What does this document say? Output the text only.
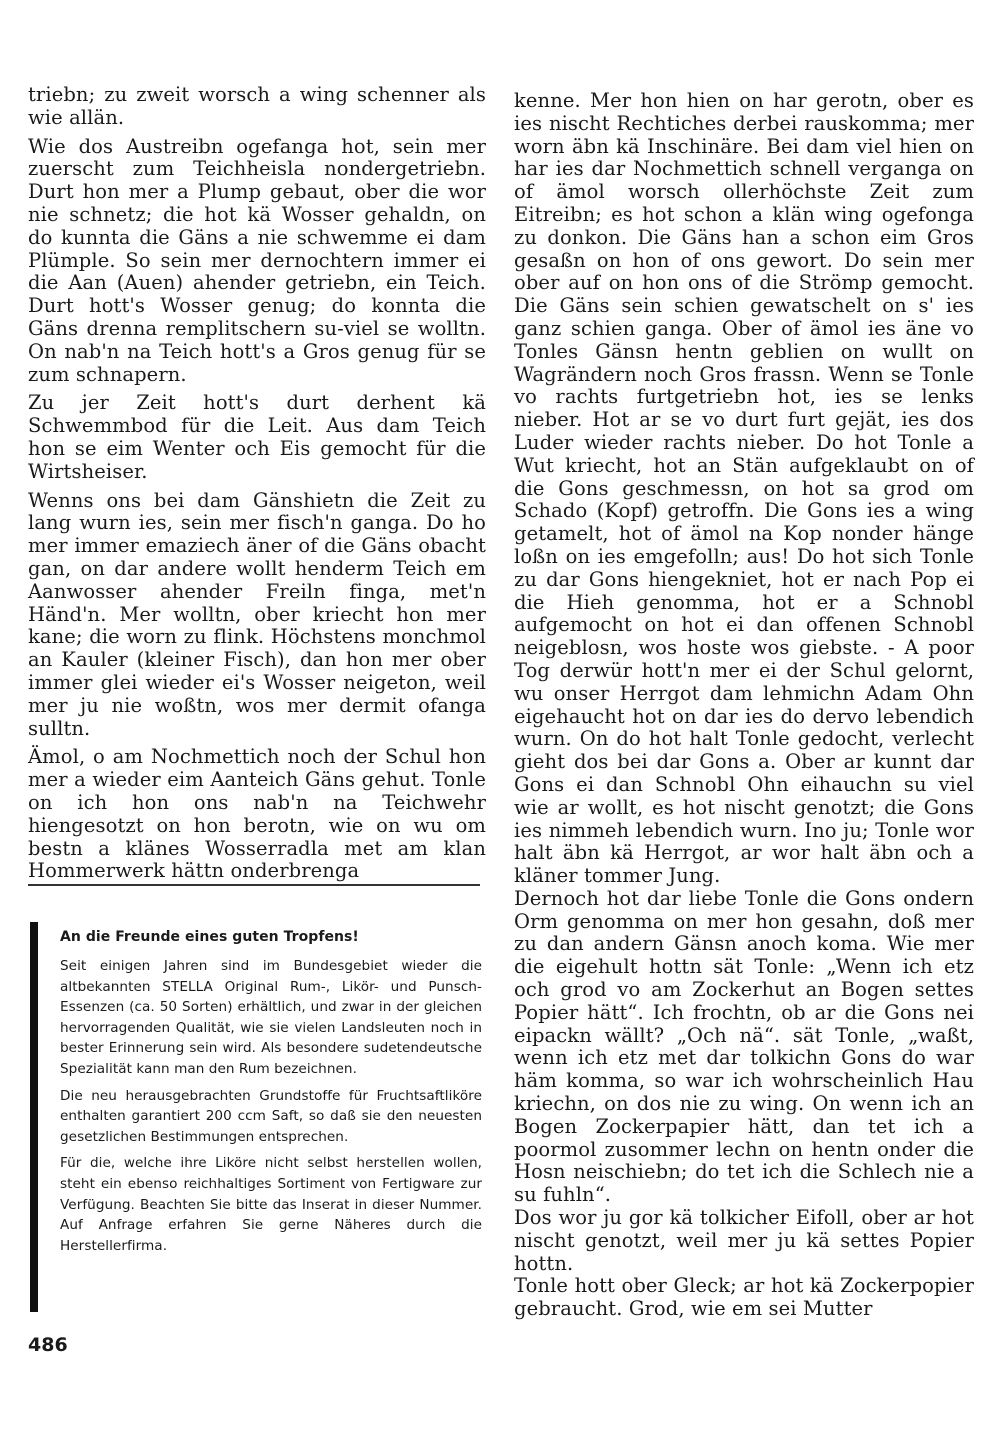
triebn; zu zweit worsch a wing schenner als wie allän.

Wie dos Austreibn ogefanga hot, sein mer zuerscht zum Teichheisla nondergetriebn. Durt hon mer a Plump gebaut, ober die wor nie schnetz; die hot kä Wosser gehaldn, on do kunnta die Gäns a nie schwemme ei dam Plümple. So sein mer dernochtern immer ei die Aan (Auen) ahender getriebn, ein Teich. Durt hott's Wosser genug; do konnta die Gäns drenna remplitschern su-viel se wolltn. On nab'n na Teich hott's a Gros genug für se zum schnapern.

Zu jer Zeit hott's durt derhent kä Schwemmbod für die Leit. Aus dam Teich hon se eim Wenter och Eis gemocht für die Wirtsheiser.

Wenns ons bei dam Gänshietn die Zeit zu lang wurn ies, sein mer fisch'n ganga. Do ho mer immer emaziech äner of die Gäns obacht gan, on dar andere wollt henderm Teich em Aanwosser ahender Freiln finga, met'n Händ'n. Mer wolltn, ober kriecht hon mer kane; die worn zu flink. Höchstens monchmol an Kauler (kleiner Fisch), dan hon mer ober immer glei wieder ei's Wosser neigeton, weil mer ju nie woßtn, wos mer dermit ofanga sulltn.

Ämol, o am Nochmettich noch der Schul hon mer a wieder eim Aanteich Gäns gehut. Tonle on ich hon ons nab'n na Teichwehr hiengesotzt on hon berotn, wie on wu om bestn a klänes Wosserradla met am klan Hommerwerk hättn onderbrenga

An die Freunde eines guten Tropfens!

Seit einigen Jahren sind im Bundesgebiet wieder die altbekannten STELLA Original Rum-, Likör- und Punsch-Essenzen (ca. 50 Sorten) erhältlich, und zwar in der gleichen hervorragenden Qualität, wie sie vielen Landsleuten noch in bester Erinnerung sein wird. Als besondere sudetendeutsche Spezialität kann man den Rum bezeichnen.

Die neu herausgebrachten Grundstoffe für Fruchtsaftliköre enthalten garantiert 200 ccm Saft, so daß sie den neuesten gesetzlichen Bestimmungen entsprechen.

Für die, welche ihre Liköre nicht selbst herstellen wollen, steht ein ebenso reichhaltiges Sortiment von Fertigware zur Verfügung. Beachten Sie bitte das Inserat in dieser Nummer. Auf Anfrage erfahren Sie gerne Näheres durch die Herstellerfirma.

486

kenne. Mer hon hien on har gerotn, ober es ies nischt Rechtiches derbei rauskomma; mer worn äbn kä Inschinäre. Bei dam viel hien on har ies dar Nochmettich schnell verganga on of ämol worsch ollerhöchste Zeit zum Eitreibn; es hot schon a klän wing ogefonga zu donkon. Die Gäns han a schon eim Gros gesaßn on hon of ons gewort. Do sein mer ober auf on hon ons of die Strömp gemocht. Die Gäns sein schien gewatschelt on s' ies ganz schien ganga. Ober of ämol ies äne vo Tonles Gänsn hentn geblien on wullt on Wagrändern noch Gros frassn. Wenn se Tonle vo rachts furtgetriebn hot, ies se lenks nieber. Hot ar se vo durt furt gejät, ies dos Luder wieder rachts nieber. Do hot Tonle a Wut kriecht, hot an Stän aufgeklaubt on of die Gons geschmessn, on hot sa grod om Schado (Kopf) getroffn. Die Gons ies a wing getamelt, hot of ämol na Kop nonder hänge loßn on ies emgefolln; aus! Do hot sich Tonle zu dar Gons hiengekniet, hot er nach Pop ei die Hieh genomma, hot er a Schnobl aufgemocht on hot ei dan offenen Schnobl neigeblosn, wos hoste wos giebste. - A poor Tog derwür hott'n mer ei der Schul gelornt, wu onser Herrgot dam lehmichn Adam Ohn eigehaucht hot on dar ies do dervo lebendich wurn. On do hot halt Tonle gedocht, verlecht gieht dos bei dar Gons a. Ober ar kunnt dar Gons ei dan Schnobl Ohn eihauchn su viel wie ar wollt, es hot nischt genotzt; die Gons ies nimmeh lebendich wurn. Ino ju; Tonle wor halt äbn kä Herrgot, ar wor halt äbn och a kläner tommer Jung.

Dernoch hot dar liebe Tonle die Gons ondern Orm genomma on mer hon gesahn, doß mer zu dan andern Gänsn anoch koma. Wie mer die eigehult hottn sät Tonle: „Wenn ich etz och grod vo am Zockerhut an Bogen settes Popier hätt“. Ich frochtn, ob ar die Gons nei eipackn wällt? „Och nä“. sät Tonle, „waßt, wenn ich etz met dar tolkichn Gons do war häm komma, so war ich wohrscheinlich Hau kriechn, on dos nie zu wing. On wenn ich an Bogen Zockerpapier hätt, dan tet ich a poormol zusommer lechn on hentn onder die Hosn neischiebn; do tet ich die Schlech nie a su fuhln“.

Dos wor ju gor kä tolkicher Eifoll, ober ar hot nischt genotzt, weil mer ju kä settes Popier hottn.

Tonle hott ober Gleck; ar hot kä Zockerpopier gebraucht. Grod, wie em sei Mutter
